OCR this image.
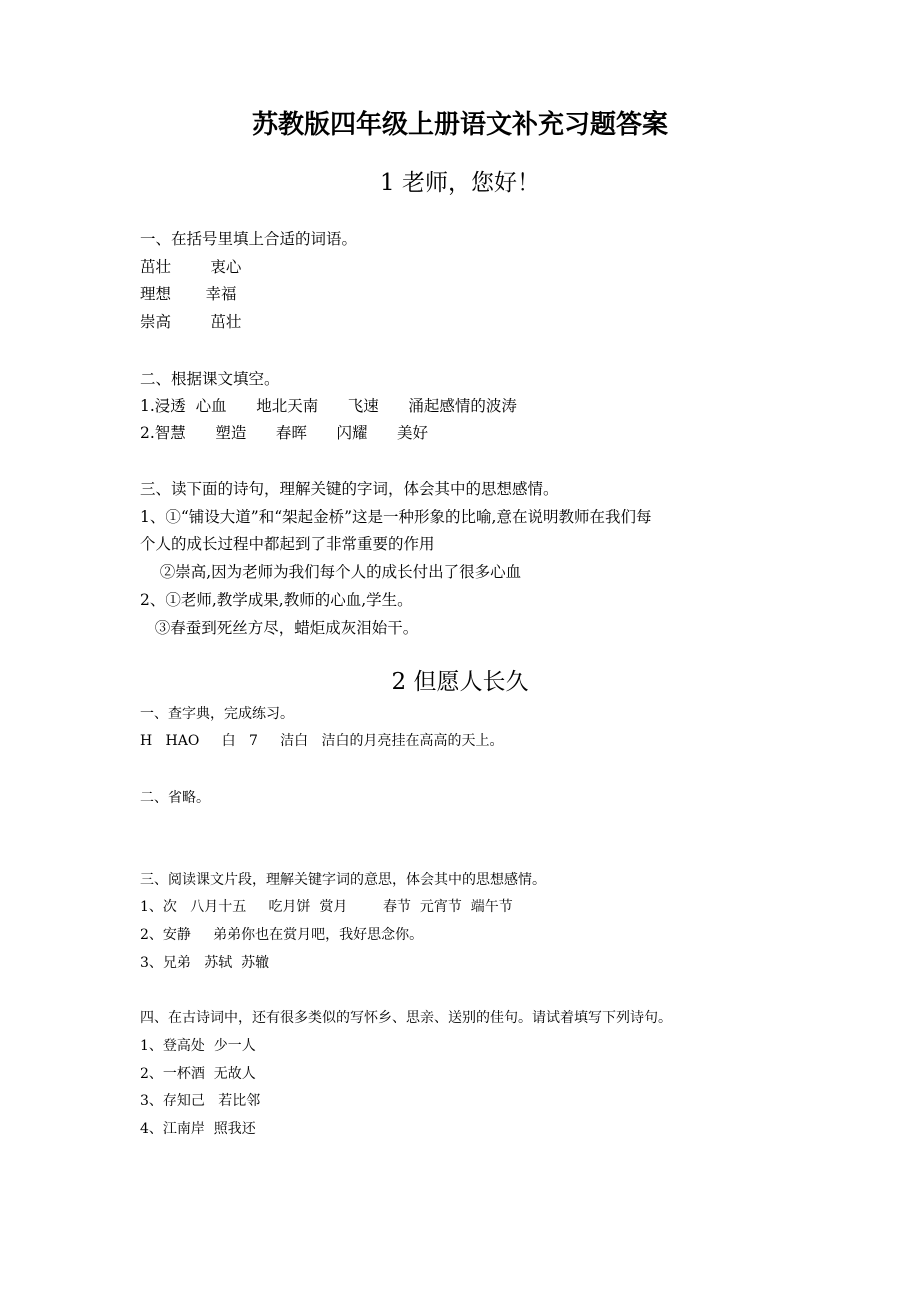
苏教版四年级上册语文补充习题答案
1 老师，您好！
一、在括号里填上合适的词语。
茁壮        衷心
理想       幸福
崇高        茁壮
二、根据课文填空。
1.浸透  心血      地北天南      飞速      涌起感情的波涛
2.智慧      塑造      春晖      闪耀      美好
三、读下面的诗句，理解关键的字词，体会其中的思想感情。
1、①“铺设大道”和“架起金桥”这是一种形象的比喻,意在说明教师在我们每
个人的成长过程中都起到了非常重要的作用
②崇高,因为老师为我们每个人的成长付出了很多心血
2、①老师,教学成果,教师的心血,学生。
③春蚕到死丝方尽，蜡炬成灰泪始干。
2 但愿人长久
一、查字典，完成练习。
H   HAO     白   7     洁白   洁白的月亮挂在高高的天上。
二、省略。
三、阅读课文片段，理解关键字词的意思，体会其中的思想感情。
1、次   八月十五     吃月饼  赏月        春节  元宵节  端午节
2、安静     弟弟你也在赏月吧，我好思念你。
3、兄弟   苏轼  苏辙
四、在古诗词中，还有很多类似的写怀乡、思亲、送别的佳句。请试着填写下列诗句。
1、登高处  少一人
2、一杯酒  无故人
3、存知己   若比邻
4、江南岸  照我还
